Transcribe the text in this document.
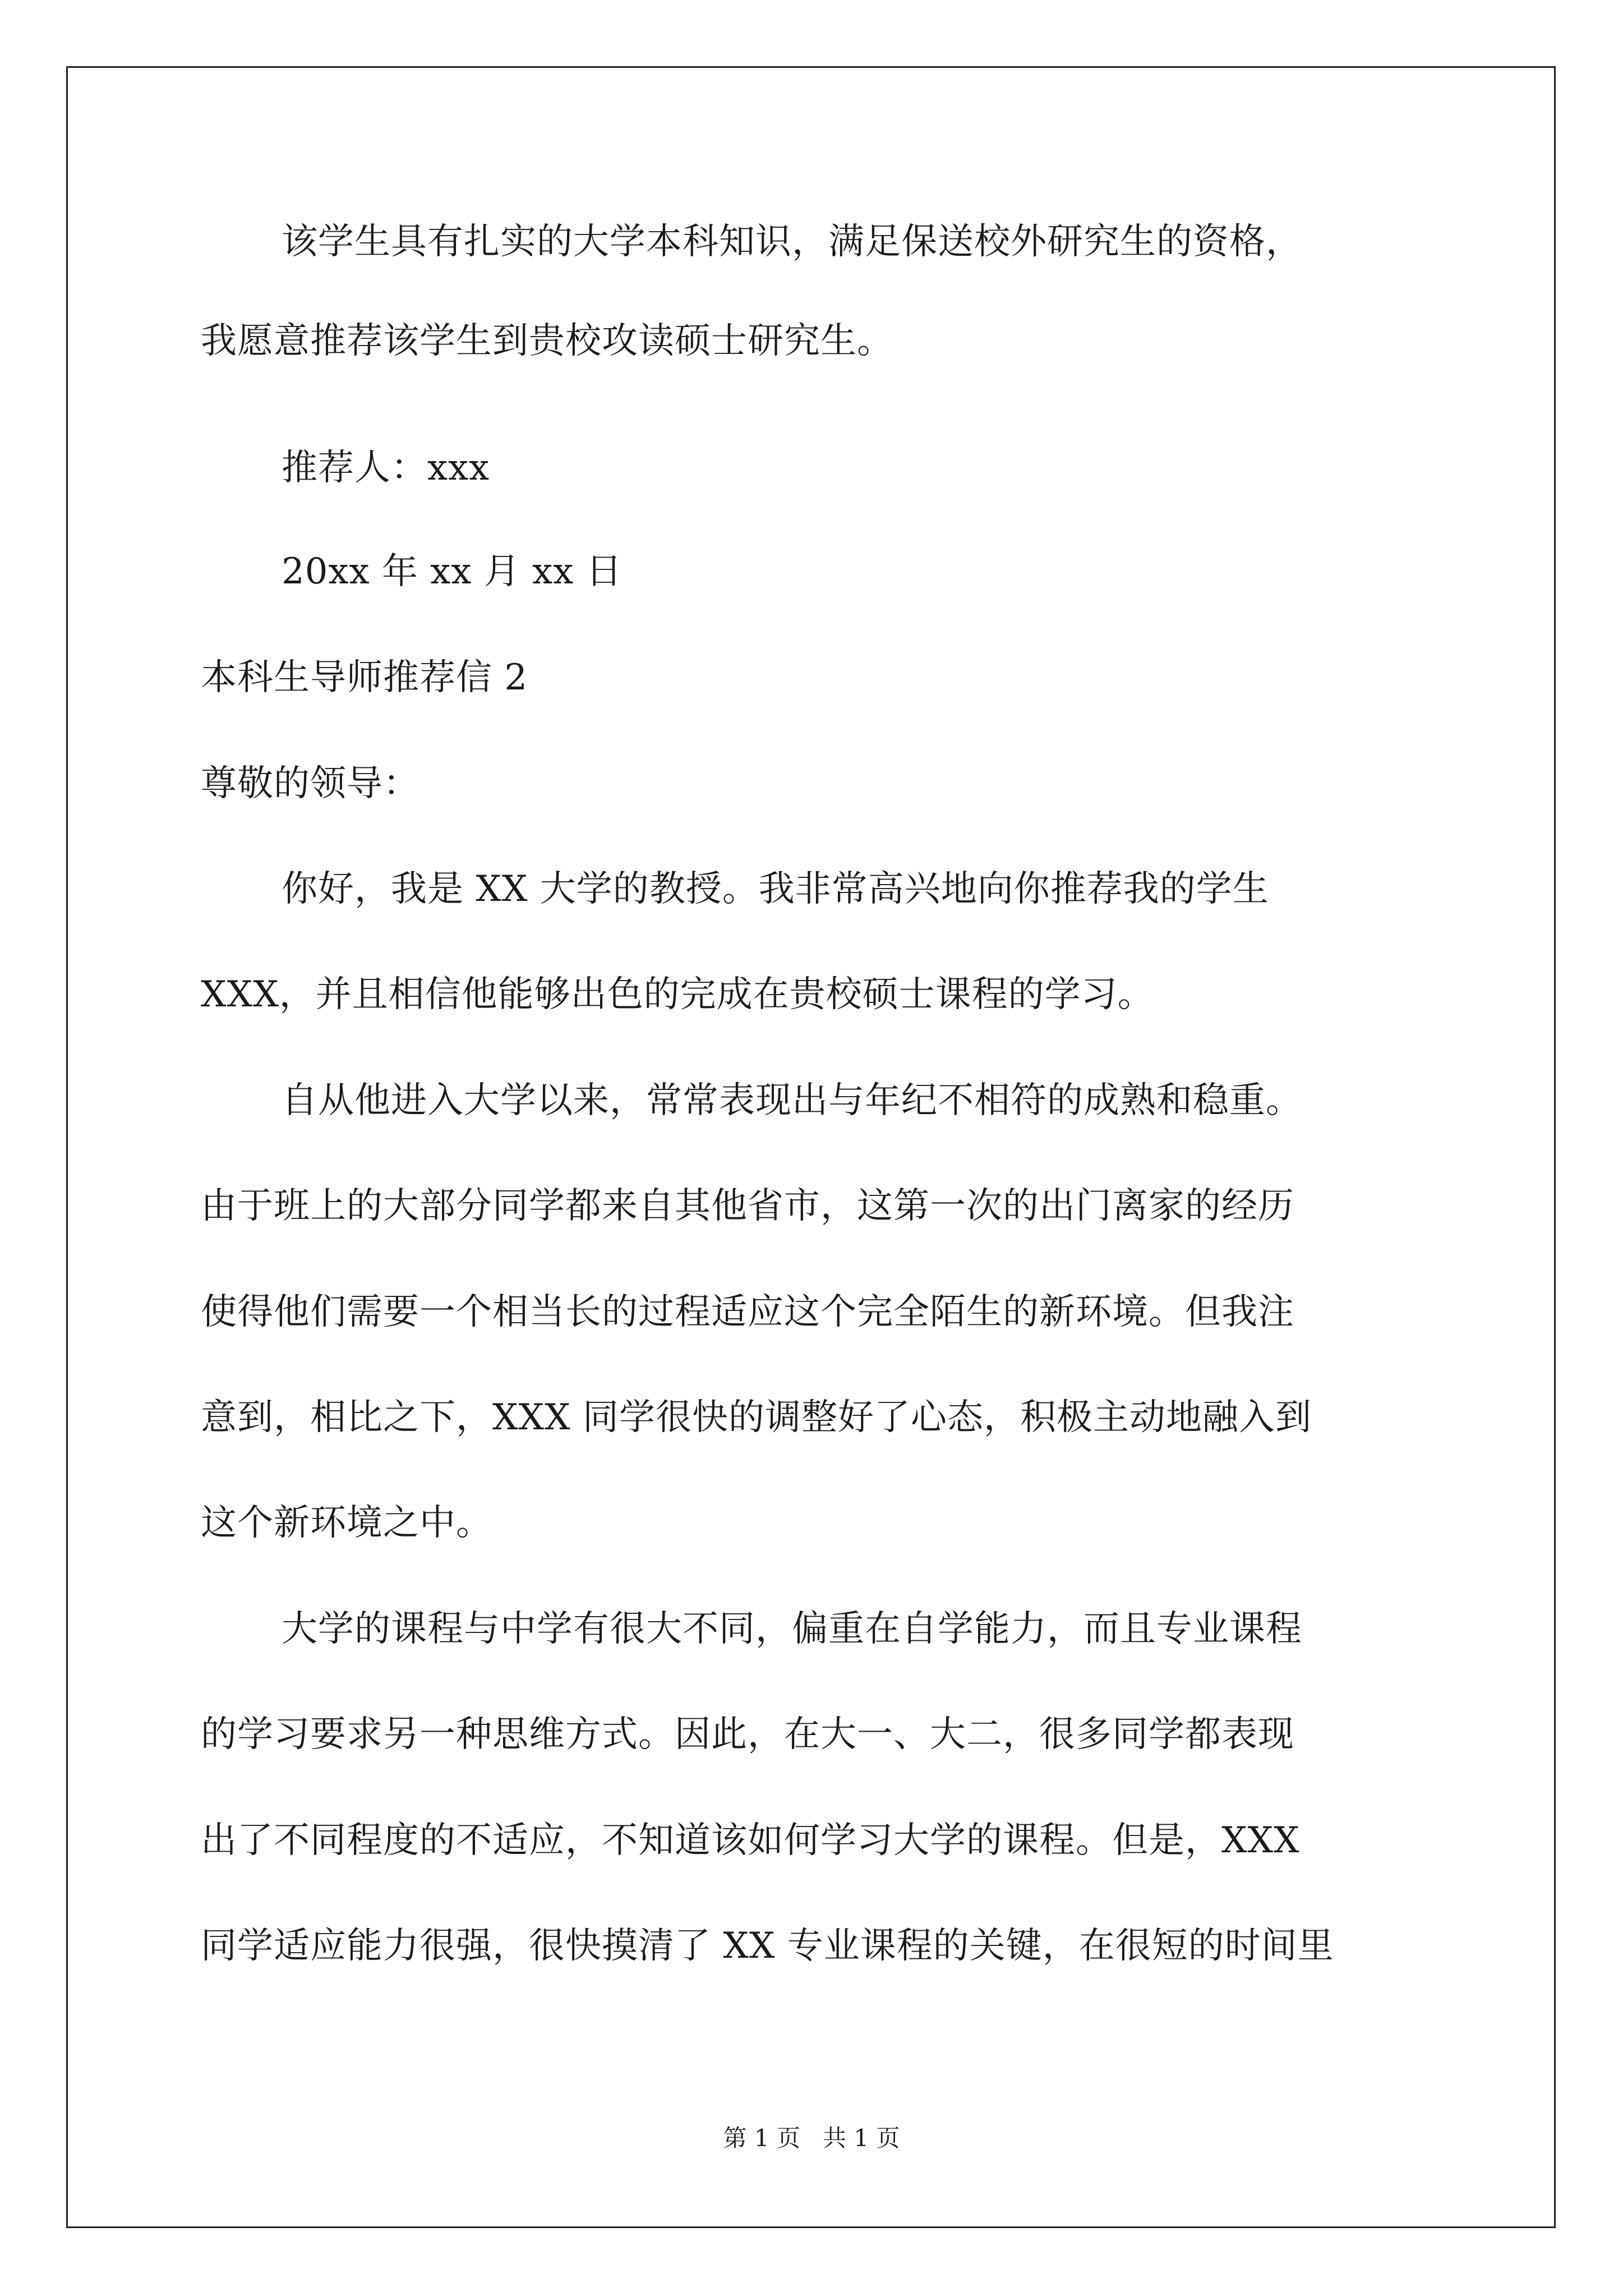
该学生具有扎实的大学本科知识，满足保送校外研究生的资格，
我愿意推荐该学生到贵校攻读硕士研究生。
推荐人：xxx
20xx 年 xx 月 xx 日
本科生导师推荐信 2
尊敬的领导：
你好，我是 XX 大学的教授。我非常高兴地向你推荐我的学生
XXX，并且相信他能够出色的完成在贵校硕士课程的学习。
自从他进入大学以来，常常表现出与年纪不相符的成熟和稳重。
由于班上的大部分同学都来自其他省市，这第一次的出门离家的经历
使得他们需要一个相当长的过程适应这个完全陌生的新环境。但我注
意到，相比之下，XXX 同学很快的调整好了心态，积极主动地融入到
这个新环境之中。
大学的课程与中学有很大不同，偏重在自学能力，而且专业课程
的学习要求另一种思维方式。因此，在大一、大二，很多同学都表现
出了不同程度的不适应，不知道该如何学习大学的课程。但是，XXX
同学适应能力很强，很快摸清了 XX 专业课程的关键，在很短的时间里
第 1 页   共 1 页
